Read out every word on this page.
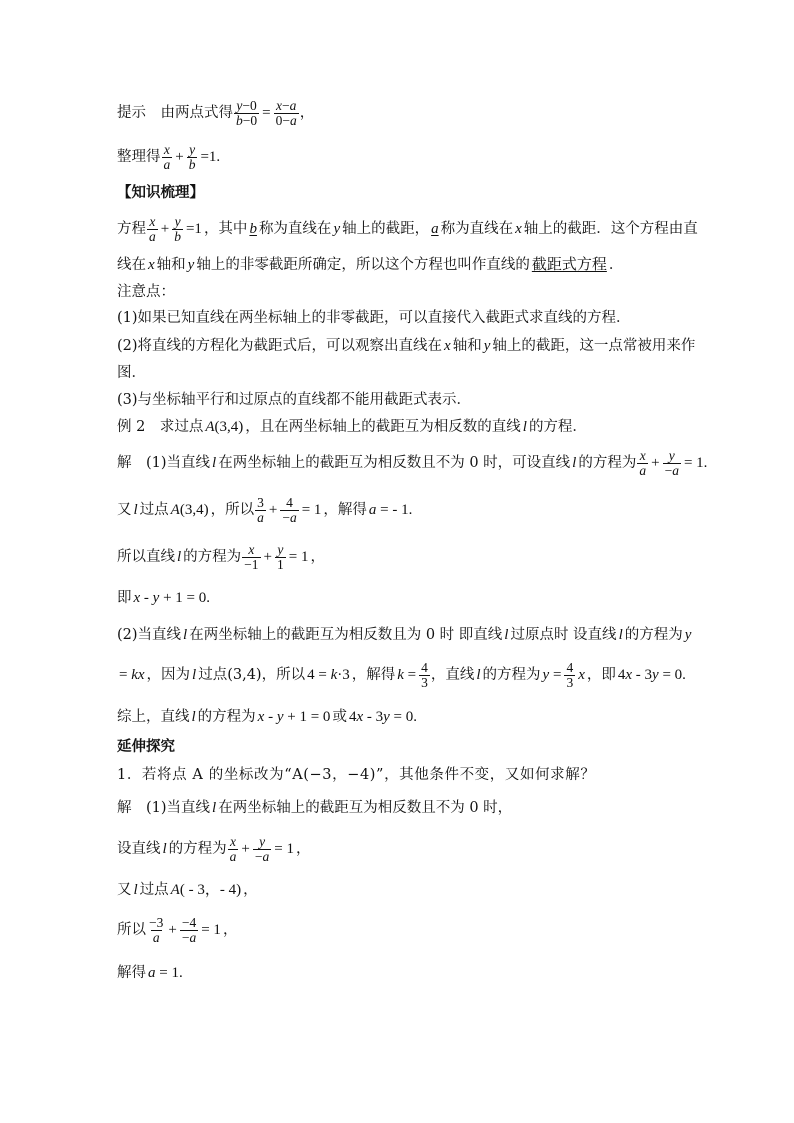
提示　由两点式得 $\frac{y-0}{b-0} = \frac{x-a}{0-a}$ ，
整理得 $\frac{x}{a} + \frac{y}{b} =1$.
【知识梳理】
方程 $\frac{x}{a} + \frac{y}{b} =1$ ，其中 b 称为直线在 y 轴上的截距， a 称为直线在 x 轴上的截距．这个方程由直
线在 x 轴和 y 轴上的非零截距所确定，所以这个方程也叫作直线的 截距式方程 ．
注意点：
(1)如果已知直线在两坐标轴上的非零截距，可以直接代入截距式求直线的方程．
(2)将直线的方程化为截距式后，可以观察出直线在 x 轴和 y 轴上的截距，这一点常被用来作
图．
(3)与坐标轴平行和过原点的直线都不能用截距式表示．
例 2　求过点 A(3,4) ，且在两坐标轴上的截距互为相反数的直线 l 的方程．
解　(1)当直线 l 在两坐标轴上的截距互为相反数且不为 0 时，可设直线 l 的方程为 $\frac{x}{a} + \frac{y}{-a} = 1$.
又 l 过点 A(3,4) ，所以 $\frac{3}{a} + \frac{4}{-a} = 1$ ，解得 a = - 1.
所以直线 l 的方程为 $\frac{x}{-1} + \frac{y}{1} = 1$ ，
即 x - y + 1 = 0.
(2)当直线 l 在两坐标轴上的截距互为相反数且为 0 时 即直线 l 过原点时 设直线 l 的方程为 y
= kx ，因为 l 过点(3,4)，所以 4 = k·3 ，解得 $k = \frac{4}{3}$ ，直线 l 的方程为 $y = \frac{4}{3}$ x ，即 4x - 3y = 0.
综上，直线 l 的方程为 x - y + 1 = 0 或 4x - 3y = 0.
延伸探究
1．若将点 A 的坐标改为“A(−3，−4)”，其他条件不变，又如何求解？
解　(1)当直线 l 在两坐标轴上的截距互为相反数且不为 0 时，
设直线 l 的方程为 $\frac{x}{a} + \frac{y}{-a} = 1$ ，
又 l 过点 A( - 3，- 4) ，
所以 $\frac{-3}{a} + \frac{-4}{-a} = 1$ ，
解得 a = 1.
